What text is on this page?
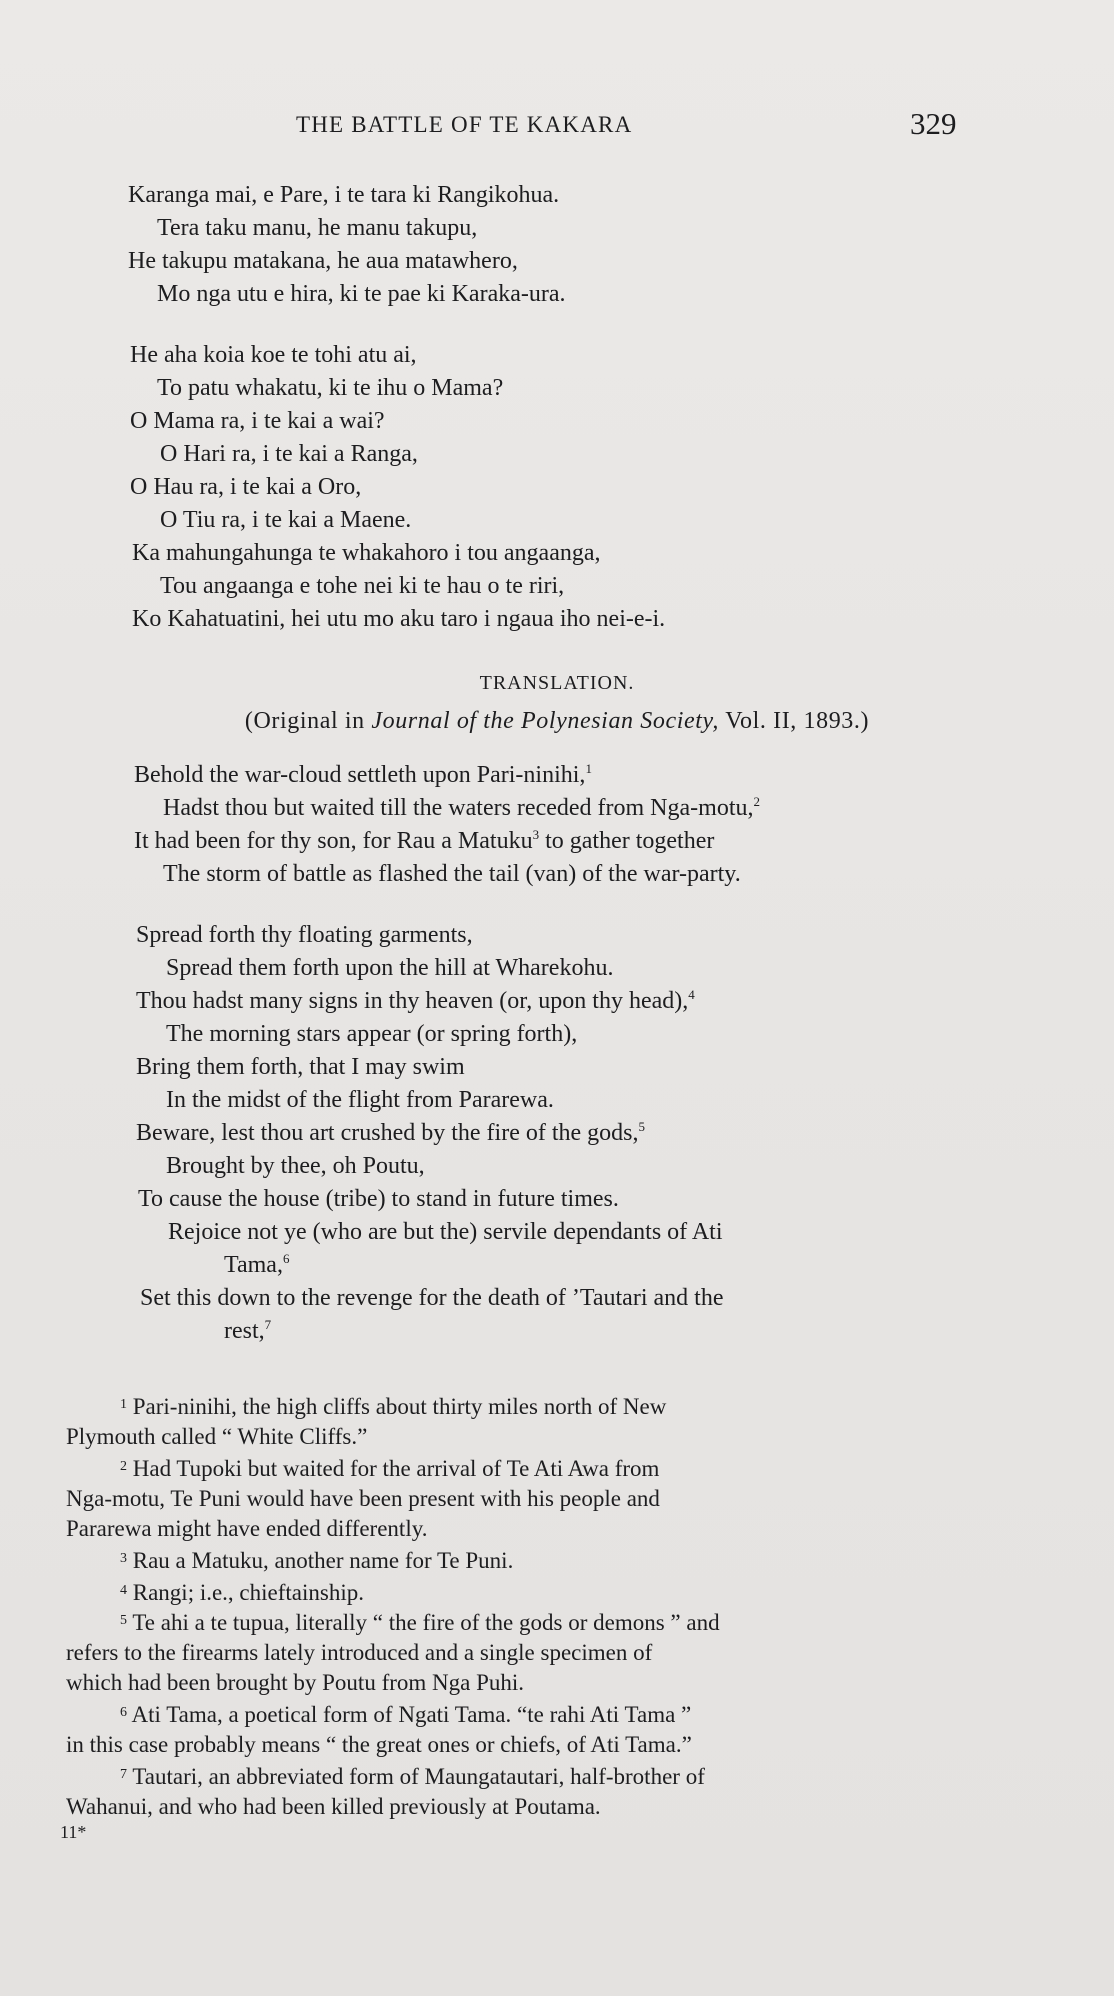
THE BATTLE OF TE KAKARA	329
Karanga mai, e Pare, i te tara ki Rangikohua.
Tera taku manu, he manu takupu,
He takupu matakana, he aua matawhero,
Mo nga utu e hira, ki te pae ki Karaka-ura.
He aha koia koe te tohi atu ai,
To patu whakatu, ki te ihu o Mama?
O Mama ra, i te kai a wai?
O Hari ra, i te kai a Ranga,
O Hau ra, i te kai a Oro,
O Tiu ra, i te kai a Maene.
Ka mahungahunga te whakahoro i tou angaanga,
Tou angaanga e tohe nei ki te hau o te riri,
Ko Kahatuatini, hei utu mo aku taro i ngaua iho nei-e-i.
TRANSLATION.
(Original in Journal of the Polynesian Society, Vol. II, 1893.)
Behold the war-cloud settleth upon Pari-ninihi,$^1$
Hadst thou but waited till the waters receded from Nga-motu,$^2$
It had been for thy son, for Rau a Matuku$^3$ to gather together
The storm of battle as flashed the tail (van) of the war-party.
Spread forth thy floating garments,
Spread them forth upon the hill at Wharekohu.
Thou hadst many signs in thy heaven (or, upon thy head),$^4$
The morning stars appear (or spring forth),
Bring them forth, that I may swim
In the midst of the flight from Pararewa.
Beware, lest thou art crushed by the fire of the gods,$^5$
Brought by thee, oh Poutu,
To cause the house (tribe) to stand in future times.
Rejoice not ye (who are but the) servile dependants of Ati
Tama,$^6$
Set this down to the revenge for the death of ’Tautari and the
rest,$^7$
$^1$ Pari-ninihi, the high cliffs about thirty miles north of New
Plymouth called “ White Cliffs.”
$^2$ Had Tupoki but waited for the arrival of Te Ati Awa from
Nga-motu, Te Puni would have been present with his people and
Pararewa might have ended differently.
$^3$ Rau a Matuku, another name for Te Puni.
$^4$ Rangi; i.e., chieftainship.
$^5$ Te ahi a te tupua, literally “ the fire of the gods or demons ” and
refers to the firearms lately introduced and a single specimen of
which had been brought by Poutu from Nga Puhi.
$^6$ Ati Tama, a poetical form of Ngati Tama. “te rahi Ati Tama ”
in this case probably means “ the great ones or chiefs, of Ati Tama.”
$^7$ Tautari, an abbreviated form of Maungatautari, half-brother of
Wahanui, and who had been killed previously at Poutama.
11*
